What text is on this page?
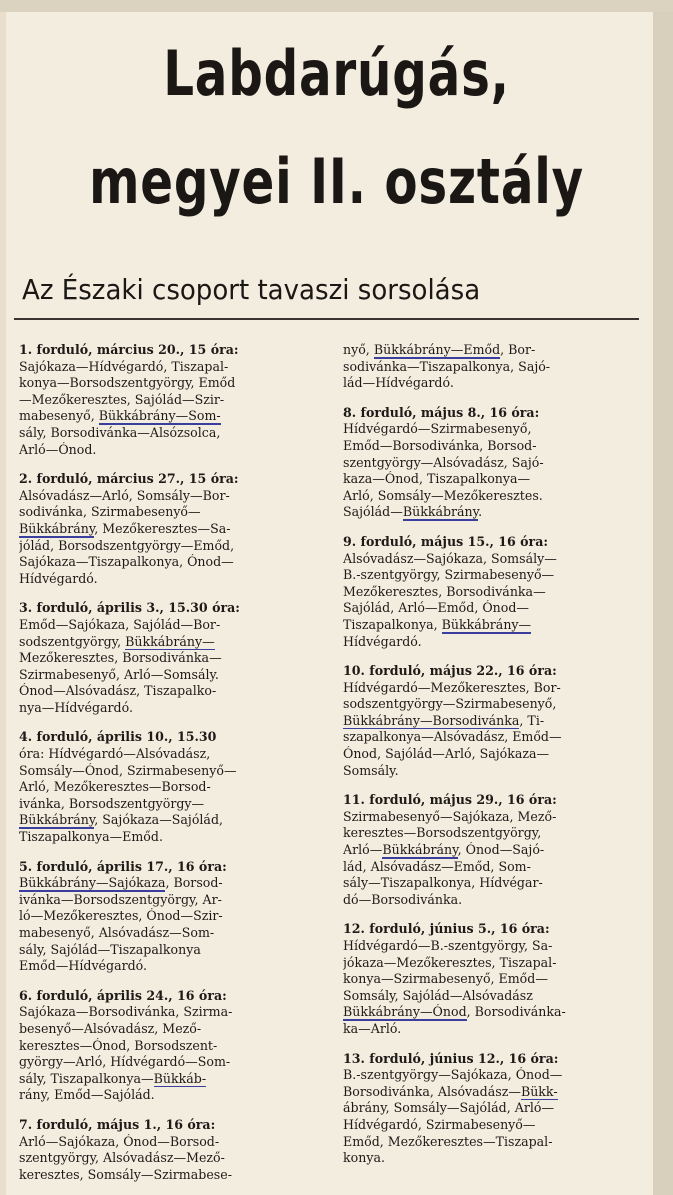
Labdarúgás,
megyei II. osztály

Az Északi csoport tavaszi sorsolása

1. forduló, március 20., 15 óra:
Sajókaza—Hídvégardó, Tiszapal-
konya—Borsodszentgyörgy, Emőd
—Mezőkeresztes, Sajólád—Szir-
mabesenyő, Bükkábrány—Som-
sály, Borsodivánka—Alsózsolca,
Arló—Ónod.
2. forduló, március 27., 15 óra:
Alsóvadász—Arló, Somsály—Bor-
sodivánka, Szirmabesenyő—
Bükkábrány, Mezőkeresztes—Sa-
jólád, Borsodszentgyörgy—Emőd,
Sajókaza—Tiszapalkonya, Ónod—
Hídvégardó.
3. forduló, április 3., 15.30 óra:
Emőd—Sajókaza, Sajólád—Bor-
sodszentgyörgy, Bükkábrány—
Mezőkeresztes, Borsodivánka—
Szirmabesenyő, Arló—Somsály.
Ónod—Alsóvadász, Tiszapalko-
nya—Hídvégardó.
4. forduló, április 10., 15.30
óra: Hídvégardó—Alsóvadász,
Somsály—Ónod, Szirmabesenyő—
Arló, Mezőkeresztes—Borsod-
ivánka, Borsodszentgyörgy—
Bükkábrány, Sajókaza—Sajólád,
Tiszapalkonya—Emőd.
5. forduló, április 17., 16 óra:
Bükkábrány—Sajókaza, Borsod-
ivánka—Borsodszentgyörgy, Ar-
ló—Mezőkeresztes, Ónod—Szir-
mabesenyő, Alsóvadász—Som-
sály, Sajólád—Tiszapalkonya
Emőd—Hídvégardó.
6. forduló, április 24., 16 óra:
Sajókaza—Borsodivánka, Szirma-
besenyő—Alsóvadász, Mező-
keresztes—Ónod, Borsodszent-
györgy—Arló, Hídvégardó—Som-
sály, Tiszapalkonya—Bükkáb-
rány, Emőd—Sajólád.
7. forduló, május 1., 16 óra:
Arló—Sajókaza, Ónod—Borsod-
szentgyörgy, Alsóvadász—Mező-
keresztes, Somsály—Szirmabese-
nyő, Bükkábrány—Emőd, Bor-
sodivánka—Tiszapalkonya, Sajó-
lád—Hídvégardó.
8. forduló, május 8., 16 óra:
Hídvégardó—Szirmabesenyő,
Emőd—Borsodivánka, Borsod-
szentgyörgy—Alsóvadász, Sajó-
kaza—Ónod, Tiszapalkonya—
Arló, Somsály—Mezőkeresztes.
Sajólád—Bükkábrány.
9. forduló, május 15., 16 óra:
Alsóvadász—Sajókaza, Somsály—
B.-szentgyörgy, Szirmabesenyő—
Mezőkeresztes, Borsodivánka—
Sajólád, Arló—Emőd, Ónod—
Tiszapalkonya, Bükkábrány—
Hídvégardó.
10. forduló, május 22., 16 óra:
Hídvégardó—Mezőkeresztes, Bor-
sodszentgyörgy—Szirmabesenyő,
Bükkábrány—Borsodivánka, Ti-
szapalkonya—Alsóvadász, Emőd—
Ónod, Sajólád—Arló, Sajókaza—
Somsály.
11. forduló, május 29., 16 óra:
Szirmabesenyő—Sajókaza, Mező-
keresztes—Borsodszentgyörgy,
Arló—Bükkábrány, Ónod—Sajó-
lád, Alsóvadász—Emőd, Som-
sály—Tiszapalkonya, Hídvégar-
dó—Borsodivánka.
12. forduló, június 5., 16 óra:
Hídvégardó—B.-szentgyörgy, Sa-
jókaza—Mezőkeresztes, Tiszapal-
konya—Szirmabesenyő, Emőd—
Somsály, Sajólád—Alsóvadász
Bükkábrány—Ónod, Borsodivánka-
ka—Arló.
13. forduló, június 12., 16 óra:
B.-szentgyörgy—Sajókaza, Ónod—
Borsodivánka, Alsóvadász—Bükk-
ábrány, Somsály—Sajólád, Arló—
Hídvégardó, Szirmabesenyő—
Emőd, Mezőkeresztes—Tiszapal-
konya.
